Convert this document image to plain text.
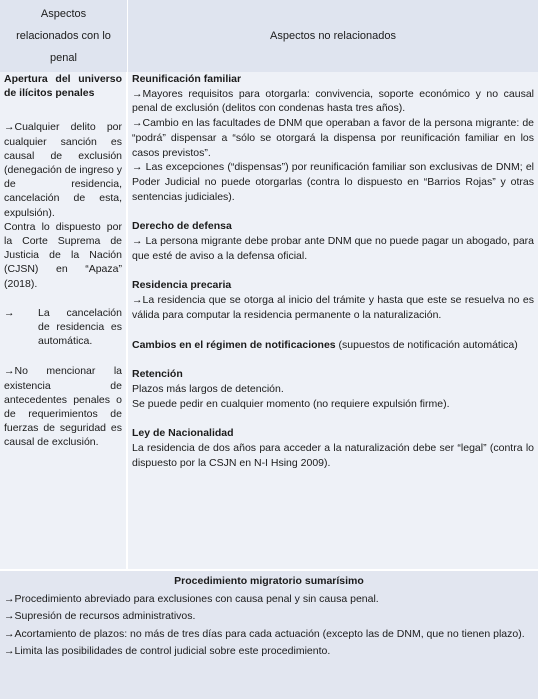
Aspectos
relacionados con lo
penal
Aspectos no relacionados

Apertura del universo de ilícitos penales

→Cualquier delito por cualquier sanción es causal de exclusión (denegación de ingreso y de residencia, cancelación de esta, expulsión).

Contra lo dispuesto por la Corte Suprema de Justicia de la Nación (CJSN) en “Apaza” (2018).

→	La cancelación de residencia es automática.

→No mencionar la existencia de antecedentes penales o de requerimientos de fuerzas de seguridad es causal de exclusión.

Reunificación familiar

→Mayores requisitos para otorgarla: convivencia, soporte económico y no causal penal de exclusión (delitos con condenas hasta tres años).

→Cambio en las facultades de DNM que operaban a favor de la persona migrante: de “podrá” dispensar a “sólo se otorgará la dispensa por reunificación familiar en los casos previstos”.

→ Las excepciones (“dispensas”) por reunificación familiar son exclusivas de DNM; el Poder Judicial no puede otorgarlas (contra lo dispuesto en “Barrios Rojas” y otras sentencias judiciales).

Derecho de defensa

→ La persona migrante debe probar ante DNM que no puede pagar un abogado, para que esté de aviso a la defensa oficial.

Residencia precaria

→La residencia que se otorga al inicio del trámite y hasta que este se resuelva no es válida para computar la residencia permanente o la naturalización.

Cambios en el régimen de notificaciones (supuestos de notificación automática)

Retención

Plazos más largos de detención.

Se puede pedir en cualquier momento (no requiere expulsión firme).

Ley de Nacionalidad

La residencia de dos años para acceder a la naturalización debe ser “legal” (contra lo dispuesto por la CSJN en N-I Hsing 2009).

Procedimiento migratorio sumarísimo

→Procedimiento abreviado para exclusiones con causa penal y sin causa penal.

→Supresión de recursos administrativos.

→Acortamiento de plazos: no más de tres días para cada actuación (excepto las de DNM, que no tienen plazo).

→Limita las posibilidades de control judicial sobre este procedimiento.
